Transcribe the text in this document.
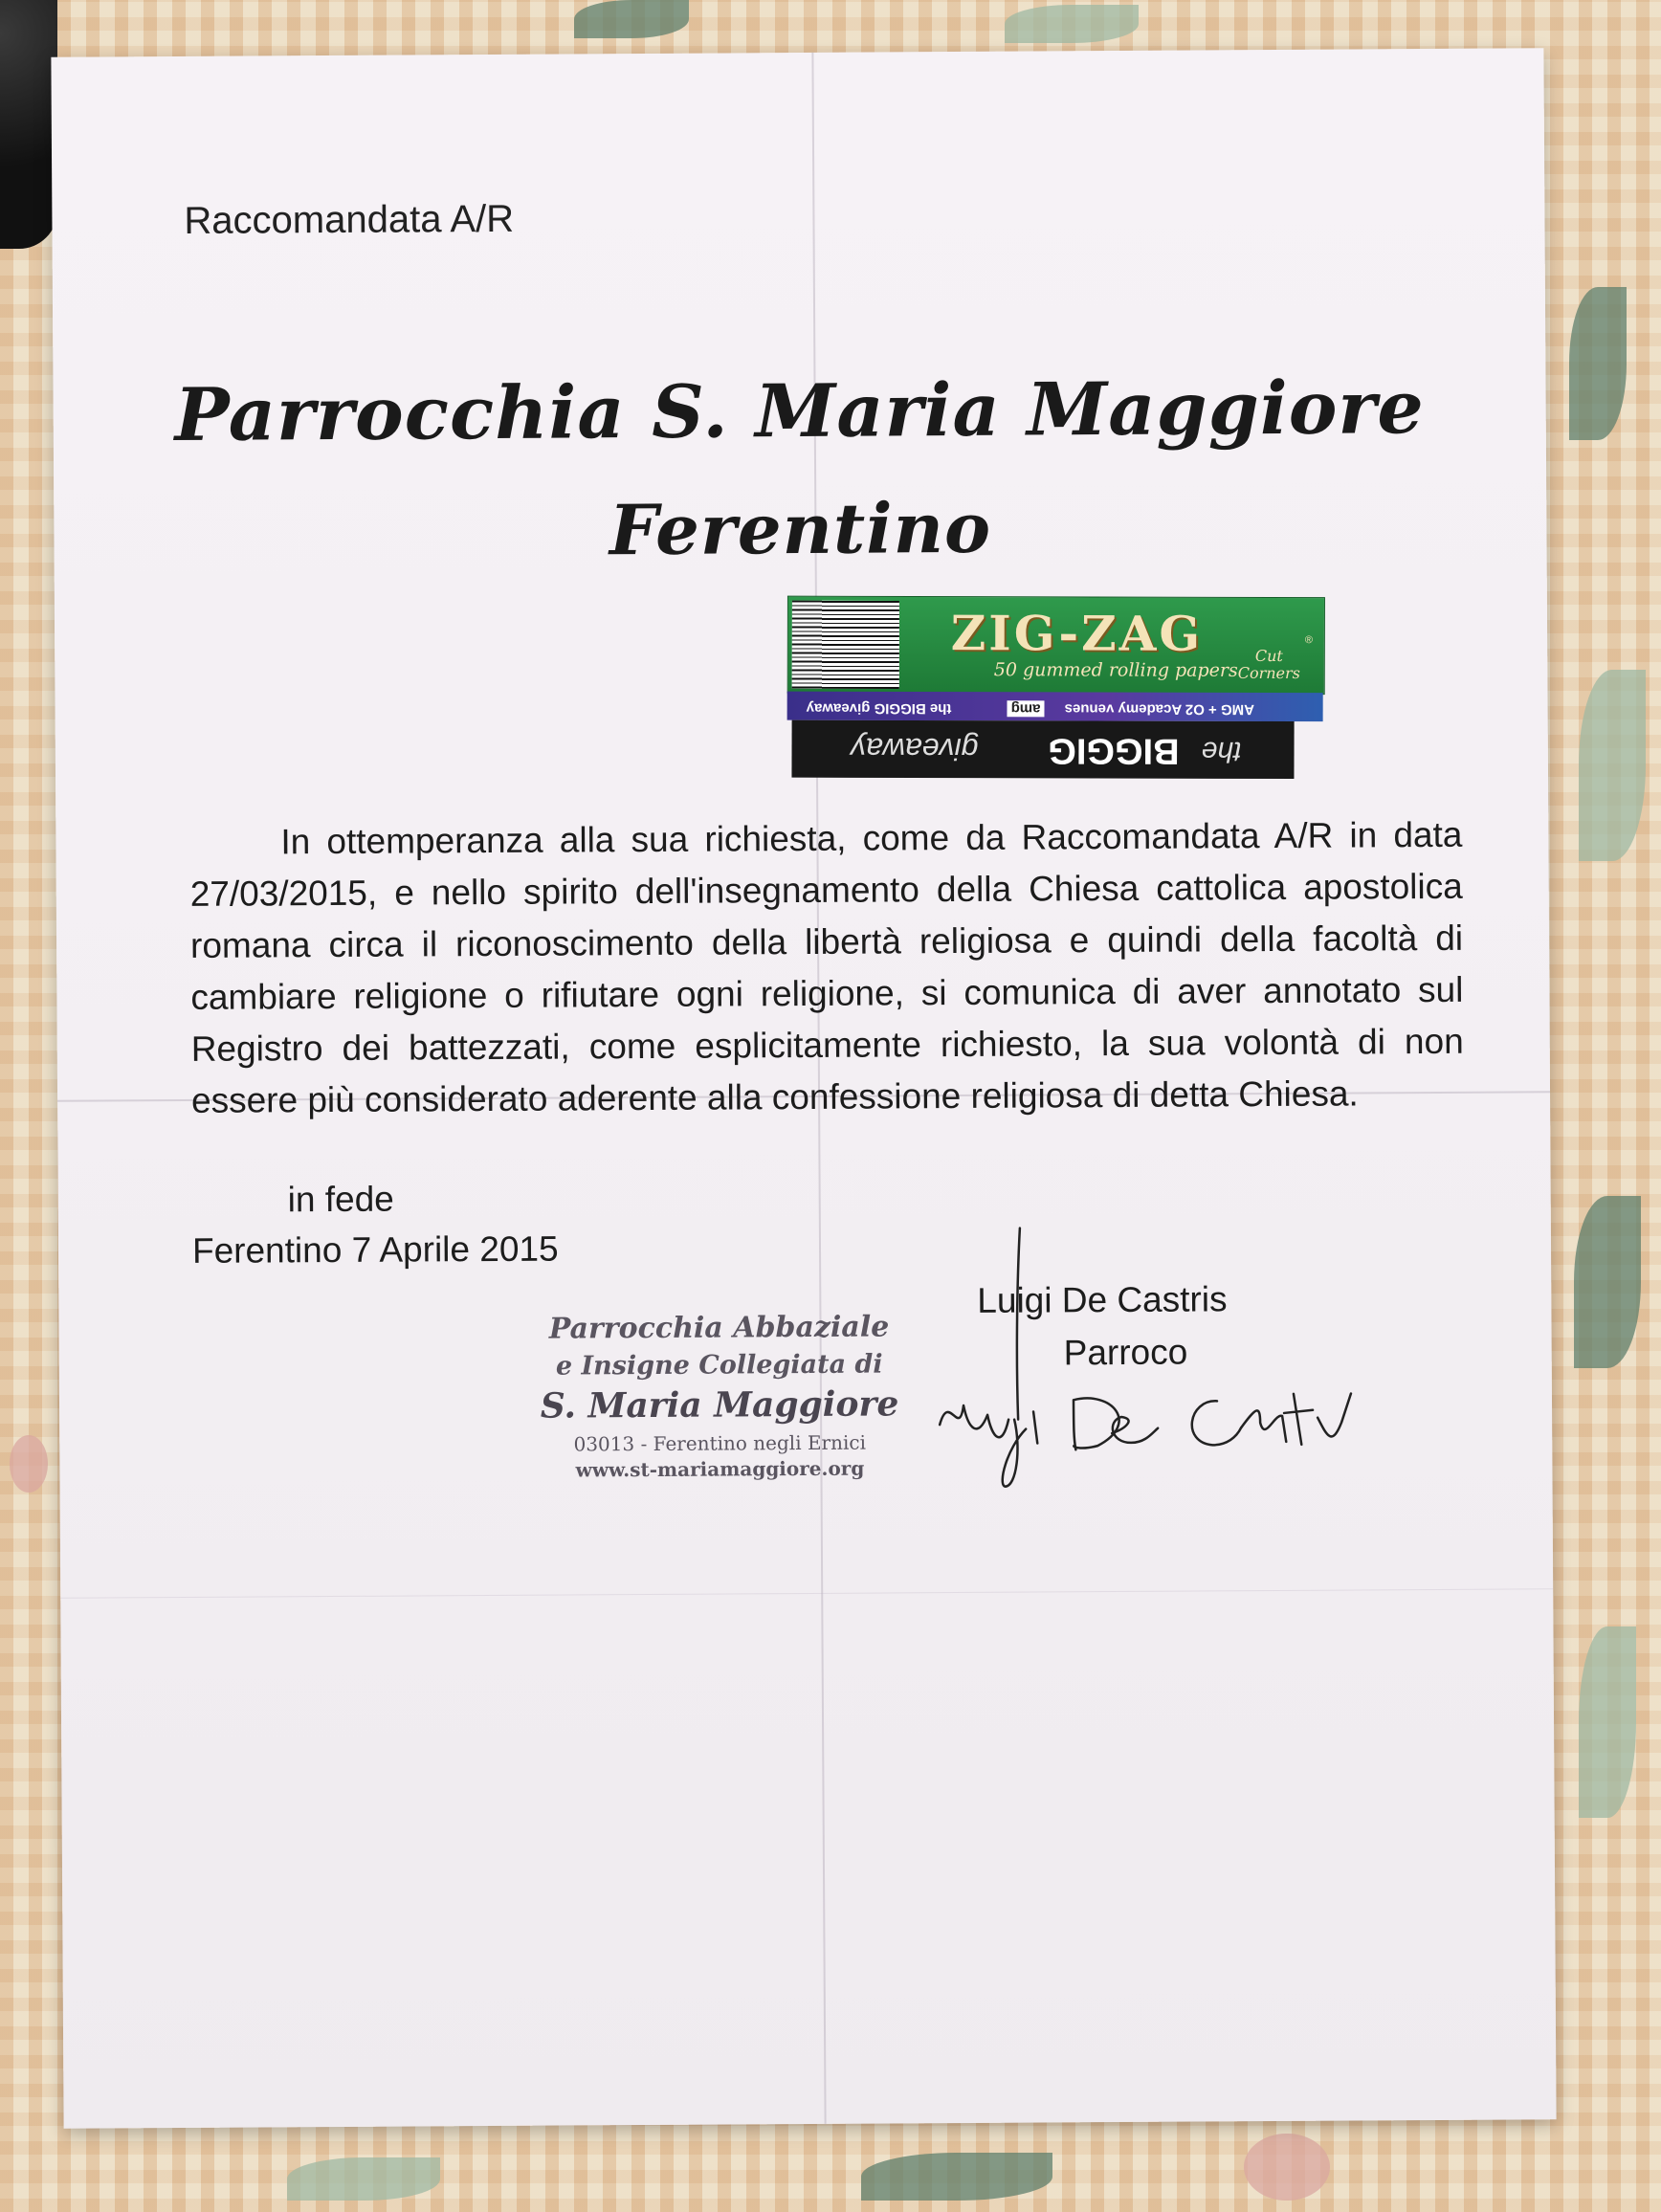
Raccomandata A/R
Parrocchia S. Maria Maggiore
Ferentino

In ottemperanza alla sua richiesta, come da Raccomandata A/R in data 27/03/2015, e nello spirito dell'insegnamento della Chiesa cattolica apostolica romana circa il riconoscimento della libertà religiosa e quindi della facoltà di cambiare religione o rifiutare ogni religione, si comunica di aver annotato sul Registro dei battezzati, come esplicitamente richiesto, la sua volontà di non essere più considerato aderente alla confessione religiosa di detta Chiesa.

in fede
Ferentino 7 Aprile 2015
Luigi De Castris
Parroco
Parrocchia Abbaziale
e Insigne Collegiata di
S. Maria Maggiore
03013 - Ferentino negli Ernici
www.st-mariamaggiore.org
ZIG-ZAG	®
50 gummed rolling papers
Cut
Corners
the BIGGIG giveaway	amg AMG + O2 Academy venues
the
BIGGIG
giveaway
